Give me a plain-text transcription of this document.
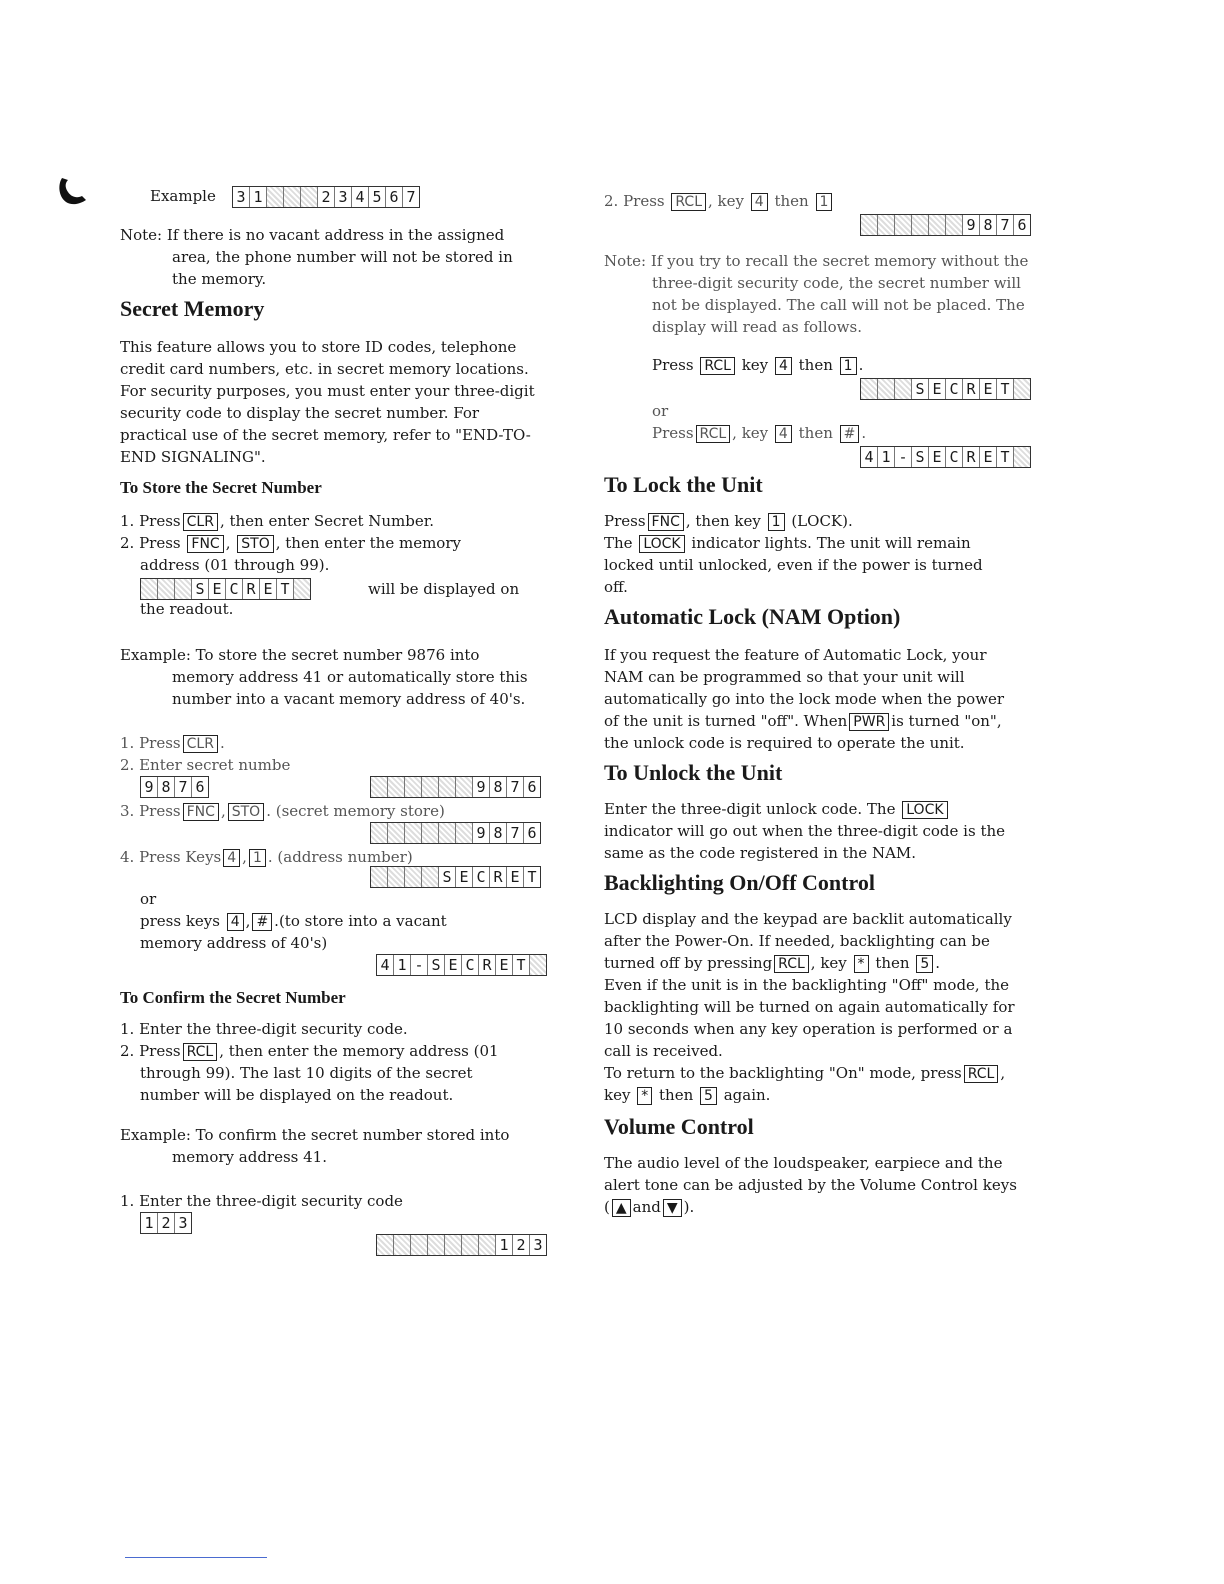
Example 3 1	2 3 4 5 6 7
Note: If there is no vacant address in the assigned
area, the phone number will not be stored in
the memory.
Secret Memory
This feature allows you to store ID codes, telephone
credit card numbers, etc. in secret memory locations.
For security purposes, you must enter your three-digit
security code to display the secret number. For
practical use of the secret memory, refer to "END-TO-
END SIGNALING".
To Store the Secret Number
1. Press CLR , then enter Secret Number.
2. Press FNC , STO , then enter the memory
address (01 through 99).
S E C R E T	will be displayed on
the readout.
Example: To store the secret number 9876 into
memory address 41 or automatically store this
number into a vacant memory address of 40's.
1. Press CLR .
2. Enter secret numbe
9 8 7 6	9 8 7 6
3. Press FNC , STO . (secret memory store)
9 8 7 6
4. Press Keys 4 , 1 . (address number)
S E C R E T
or
press keys 4 , # .(to store into a vacant
memory address of 40's)
4 1 - S E C R E T
To Confirm the Secret Number
1. Enter the three-digit security code.
2. Press RCL , then enter the memory address (01
through 99). The last 10 digits of the secret
number will be displayed on the readout.
Example: To confirm the secret number stored into
memory address 41.
1. Enter the three-digit security code
1 2 3
1 2 3
2. Press RCL , key 4 then 1
9 8 7 6
Note: If you try to recall the secret memory without the
three-digit security code, the secret number will
not be displayed. The call will not be placed. The
display will read as follows.
Press RCL key 4 then 1 .
S E C R E T
or
Press RCL , key 4 then # .
4 1 - S E C R E T
To Lock the Unit
Press FNC , then key 1 (LOCK).
The LOCK indicator lights. The unit will remain
locked until unlocked, even if the power is turned
off.
Automatic Lock (NAM Option)
If you request the feature of Automatic Lock, your
NAM can be programmed so that your unit will
automatically go into the lock mode when the power
of the unit is turned "off". When PWR is turned "on",
the unlock code is required to operate the unit.
To Unlock the Unit
Enter the three-digit unlock code. The LOCK
indicator will go out when the three-digit code is the
same as the code registered in the NAM.
Backlighting On/Off Control
LCD display and the keypad are backlit automatically
after the Power-On. If needed, backlighting can be
turned off by pressing RCL , key * then 5 .
Even if the unit is in the backlighting "Off" mode, the
backlighting will be turned on again automatically for
10 seconds when any key operation is performed or a
call is received.
To return to the backlighting "On" mode, press RCL ,
key * then 5 again.
Volume Control
The audio level of the loudspeaker, earpiece and the
alert tone can be adjusted by the Volume Control keys
( ▲ and ▼ ).
